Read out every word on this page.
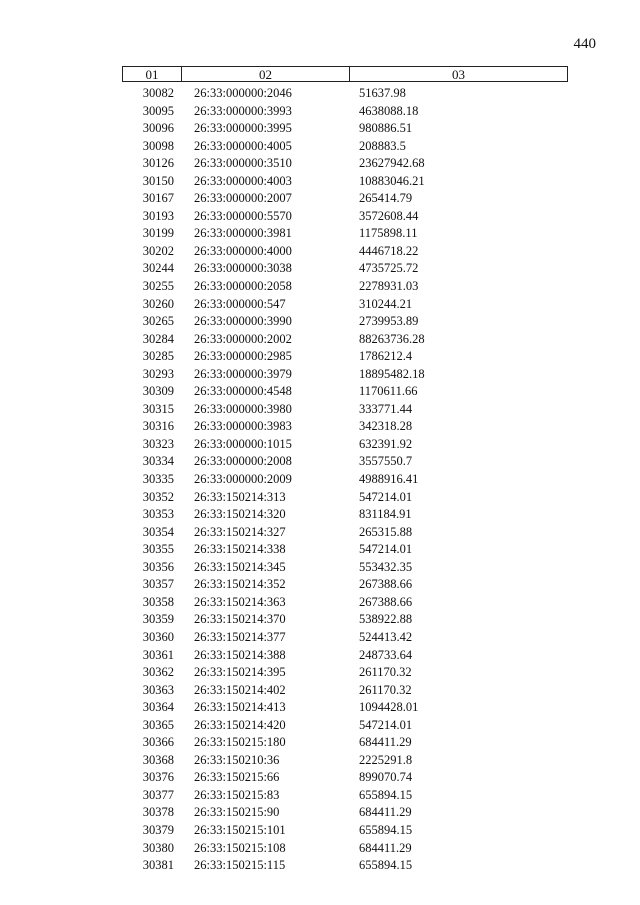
440
01	02	03
30082	26:33:000000:2046	51637.98
30095	26:33:000000:3993	4638088.18
30096	26:33:000000:3995	980886.51
30098	26:33:000000:4005	208883.5
30126	26:33:000000:3510	23627942.68
30150	26:33:000000:4003	10883046.21
30167	26:33:000000:2007	265414.79
30193	26:33:000000:5570	3572608.44
30199	26:33:000000:3981	1175898.11
30202	26:33:000000:4000	4446718.22
30244	26:33:000000:3038	4735725.72
30255	26:33:000000:2058	2278931.03
30260	26:33:000000:547	310244.21
30265	26:33:000000:3990	2739953.89
30284	26:33:000000:2002	88263736.28
30285	26:33:000000:2985	1786212.4
30293	26:33:000000:3979	18895482.18
30309	26:33:000000:4548	1170611.66
30315	26:33:000000:3980	333771.44
30316	26:33:000000:3983	342318.28
30323	26:33:000000:1015	632391.92
30334	26:33:000000:2008	3557550.7
30335	26:33:000000:2009	4988916.41
30352	26:33:150214:313	547214.01
30353	26:33:150214:320	831184.91
30354	26:33:150214:327	265315.88
30355	26:33:150214:338	547214.01
30356	26:33:150214:345	553432.35
30357	26:33:150214:352	267388.66
30358	26:33:150214:363	267388.66
30359	26:33:150214:370	538922.88
30360	26:33:150214:377	524413.42
30361	26:33:150214:388	248733.64
30362	26:33:150214:395	261170.32
30363	26:33:150214:402	261170.32
30364	26:33:150214:413	1094428.01
30365	26:33:150214:420	547214.01
30366	26:33:150215:180	684411.29
30368	26:33:150210:36	2225291.8
30376	26:33:150215:66	899070.74
30377	26:33:150215:83	655894.15
30378	26:33:150215:90	684411.29
30379	26:33:150215:101	655894.15
30380	26:33:150215:108	684411.29
30381	26:33:150215:115	655894.15
